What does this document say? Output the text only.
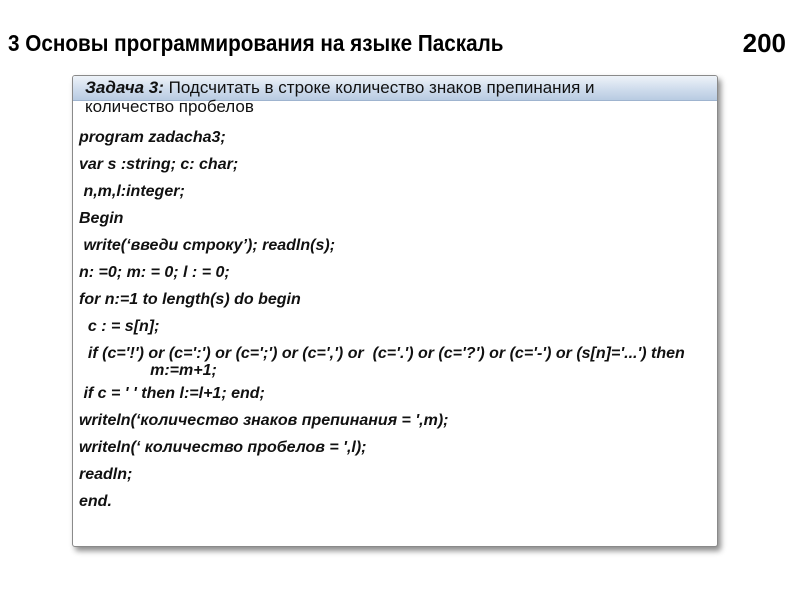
3 Основы программирования на языке Паскаль	200
Задача 3: Подсчитать в строке количество знаков препинания и количество пробелов
program zadacha3;
var s :string; c: char;
n,m,l:integer;
Begin
write(‘введи строку’); readln(s);
n: =0; m: = 0; l : = 0;
for n:=1 to length(s) do begin
c : = s[n];
if (c='!') or (c=':') or (c=';') or (c=',') or  (c='.') or (c='?') or (c='-') or (s[n]='...') then
m:=m+1;
if c = ' ' then l:=l+1; end;
writeln(‘количество знаков препинания = ',m);
writeln(‘ количество пробелов = ',l);
readln;
end.
